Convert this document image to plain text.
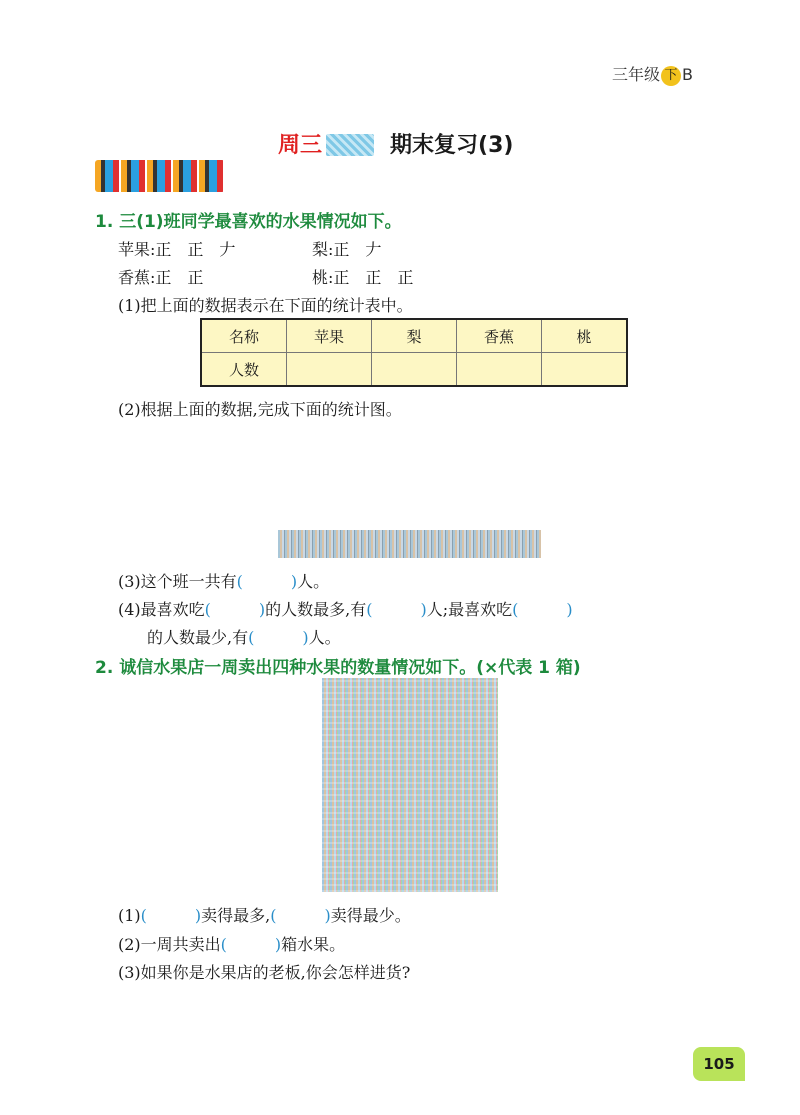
三年级 下 B
周三	期末复习(3)
1. 三(1)班同学最喜欢的水果情况如下。
苹果:正　正　𠂇	梨:正　𠂇
香蕉:正　正	桃:正　正　正
(1)把上面的数据表示在下面的统计表中。
名称	苹果	梨	香蕉	桃
人数				
(2)根据上面的数据,完成下面的统计图。
(3)这个班一共有(　　　)人。
(4)最喜欢吃(　　　)的人数最多,有(　　　)人;最喜欢吃(　　　)
的人数最少,有(　　　)人。
2. 诚信水果店一周卖出四种水果的数量情况如下。(×代表 1 箱)
(1)(　　　)卖得最多,(　　　)卖得最少。
(2)一周共卖出(　　　)箱水果。
(3)如果你是水果店的老板,你会怎样进货?
105
